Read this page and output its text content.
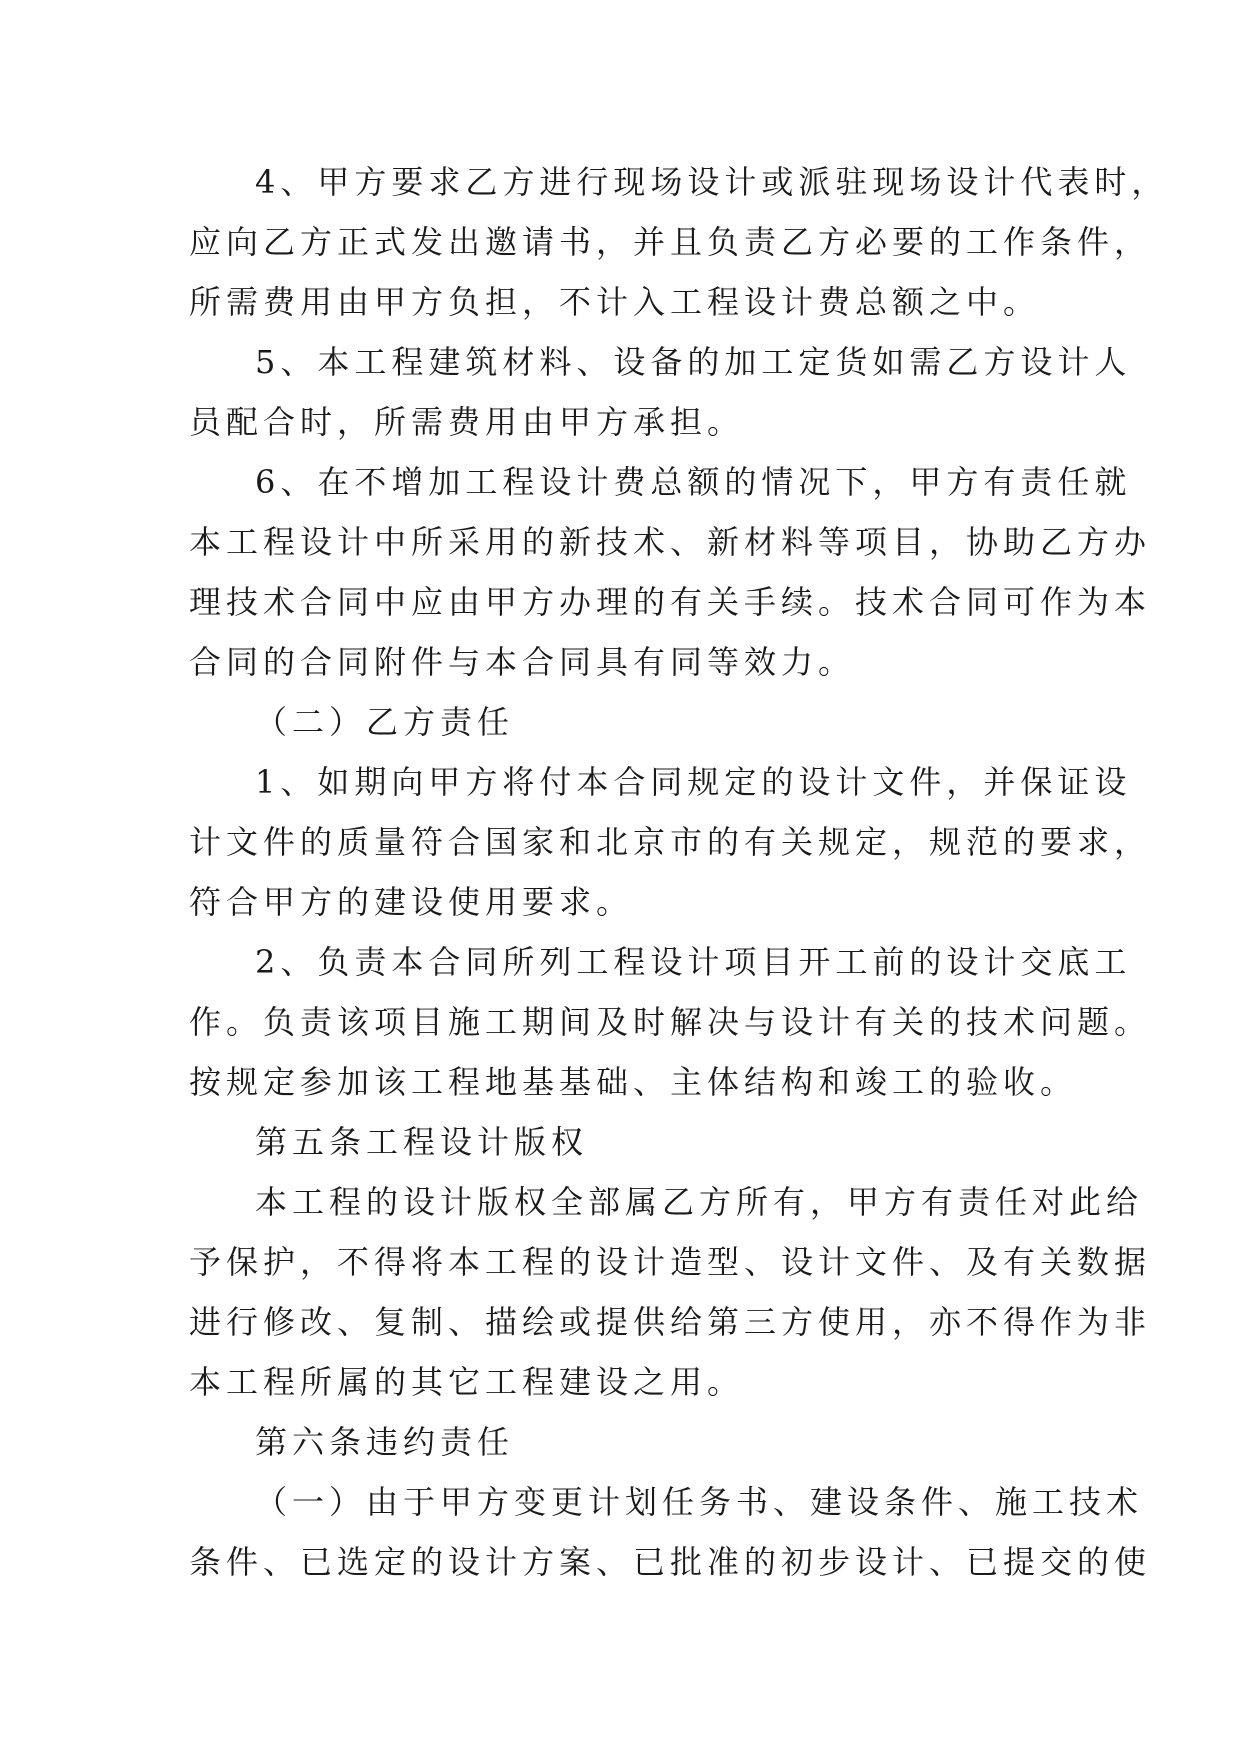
4、甲方要求乙方进行现场设计或派驻现场设计代表时，
应向乙方正式发出邀请书，并且负责乙方必要的工作条件，
所需费用由甲方负担，不计入工程设计费总额之中。
5、本工程建筑材料、设备的加工定货如需乙方设计人
员配合时，所需费用由甲方承担。
6、在不增加工程设计费总额的情况下，甲方有责任就
本工程设计中所采用的新技术、新材料等项目，协助乙方办
理技术合同中应由甲方办理的有关手续。技术合同可作为本
合同的合同附件与本合同具有同等效力。
（二）乙方责任
1、如期向甲方将付本合同规定的设计文件，并保证设
计文件的质量符合国家和北京市的有关规定，规范的要求，
符合甲方的建设使用要求。
2、负责本合同所列工程设计项目开工前的设计交底工
作。负责该项目施工期间及时解决与设计有关的技术问题。
按规定参加该工程地基基础、主体结构和竣工的验收。
第五条工程设计版权
本工程的设计版权全部属乙方所有，甲方有责任对此给
予保护，不得将本工程的设计造型、设计文件、及有关数据
进行修改、复制、描绘或提供给第三方使用，亦不得作为非
本工程所属的其它工程建设之用。
第六条违约责任
（一）由于甲方变更计划任务书、建设条件、施工技术
条件、已选定的设计方案、已批准的初步设计、已提交的使
